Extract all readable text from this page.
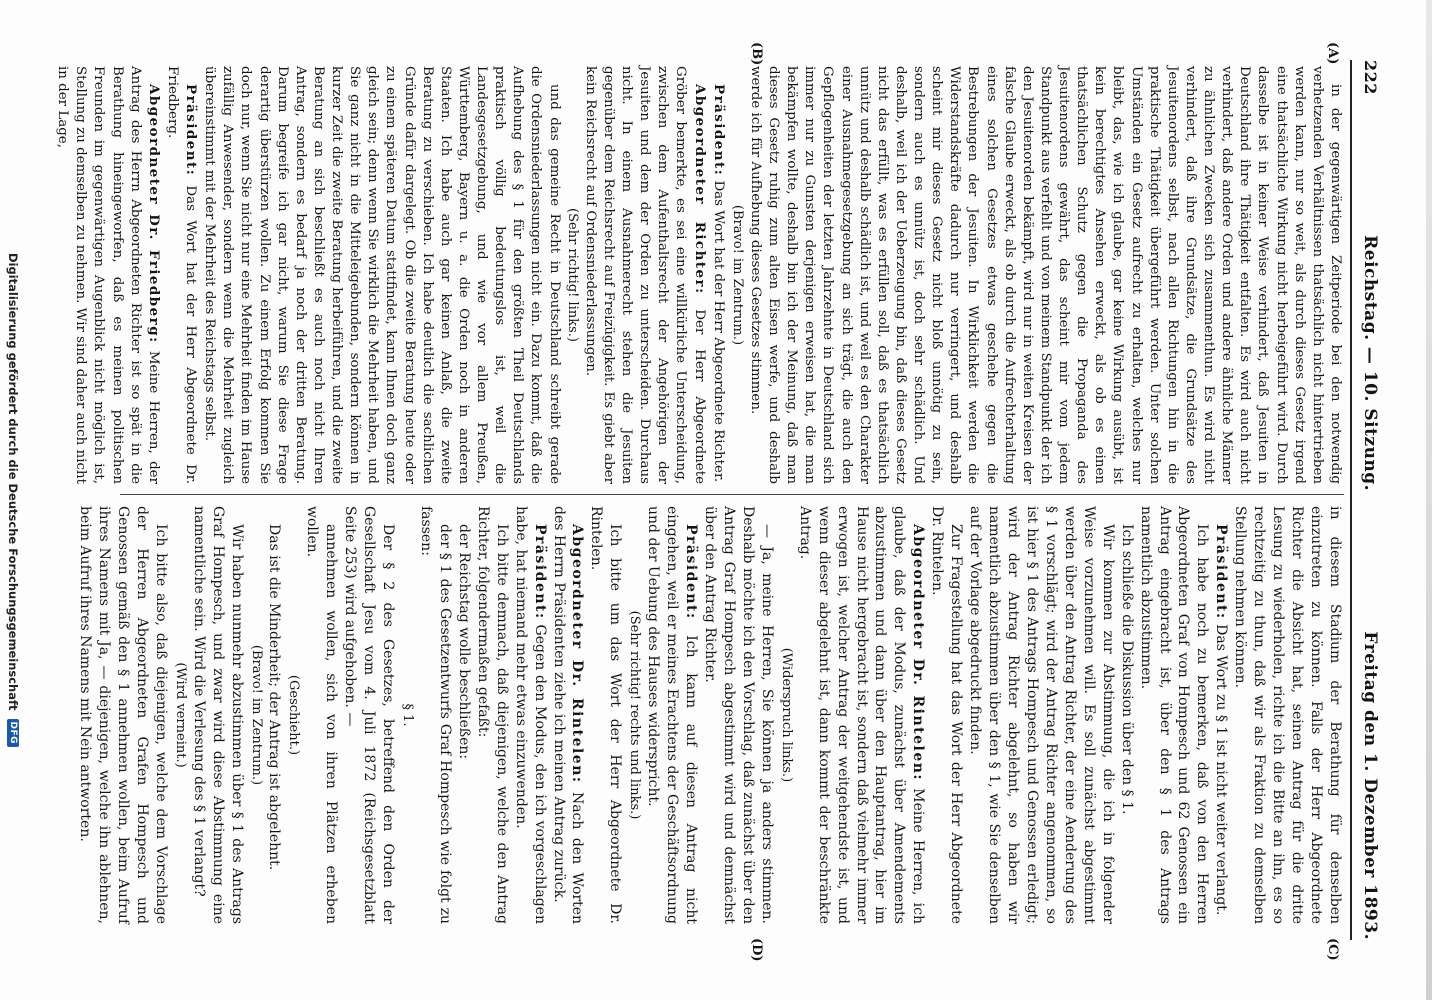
222
Reichstag. — 10. Sitzung.
Freitag den 1. Dezember 1893.
(A)
(B)
(C)
(D)

in der gegenwärtigen Zeitperiode bei den notwendig verhetzenden Verhältnissen thatsächlich nicht hintertrieben werden kann, nur so weit, als durch dieses Gesetz irgend eine thatsächliche Wirkung nicht herbeigeführt wird. Durch dasselbe ist in keiner Weise verhindert, daß Jesuiten in Deutschland ihre Thätigkeit entfalten. Es wird auch nicht verhindert, daß andere Orden und andere ähnliche Männer zu ähnlichen Zwecken sich zusammenthun. Es wird nicht verhindert, daß ihre Grundsätze, die Grundsätze des Jesuitenordens selbst, nach allen Richtungen hin in die praktische Thätigkeit übergeführt werden. Unter solchen Umständen ein Gesetz aufrecht zu erhalten, welches nur bleibt, das, wie ich glaube, gar keine Wirkung ausübt, ist kein berechtigtes Ansehen erweckt, als ob es einen thatsächlichen Schutz gegen die Propaganda des Jesuitenordens gewährt, das scheint mir vom jedem Standpunkt aus verfehlt und von meinem Standpunkt der ich den Jesuitenorden bekämpft, wird nur in weiten Kreisen der falsche Glaube erweckt, als ob durch die Aufrechterhaltung eines solchen Gesetzes etwas geschehe gegen die Bestrebungen der Jesuiten. In Wirklichkeit werden die Widerstandskräfte dadurch nur verringert, und deshalb scheint mir dieses Gesetz nicht bloß unnötig zu sein, sondern auch es unnütz ist, doch sehr schädlich. Und deshalb, weil ich der Ueberzeugung bin, daß dieses Gesetz nicht das erfüllt, was es erfüllen soll, daß es thatsächlich unnütz und deshalb schädlich ist, und weil es den Charakter einer Ausnahmegesetzgebung an sich trägt, die auch den Gepflogenheiten der letzten Jahrzehnte in Deutschland sich immer nur zu Gunsten derjenigen erweisen hat, die man bekämpfen wollte, deshalb bin ich der Meinung, daß man dieses Gesetz ruhig zum alten Eisen werfe, und deshalb werde ich für Aufhebung dieses Gesetzes stimmen.

(Bravo! im Zentrum.)

Präsident: Das Wort hat der Herr Abgeordnete Richter.

Abgeordneter Richter: Der Herr Abgeordnete Gröber bemerkte, es sei eine willkürliche Unterscheidung, zwischen dem Aufenthaltsrecht der Angehörigen der Jesuiten und dem der Orden zu unterscheiden. Durchaus nicht. In einem Ausnahmerecht stehen die Jesuiten gegenüber dem Reichsrecht auf Freizügigkeit. Es giebt aber kein Reichsrecht auf Ordensniederlassungen.

(Sehr richtig! links.)

und das gemeine Recht in Deutschland schreibt gerade die Ordensniederlassungen nicht ein. Dazu kommt, daß die Aufhebung des § 1 für den größten Theil Deutschlands praktisch völlig bedeutungslos ist, weil die Landesgesetzgebung, und wie vor allem Preußen, Württemberg, Bayern u. a. die Orden noch in anderen Staaten. Ich habe auch gar keinen Anlaß, die zweite Beratung zu verschieben. Ich habe deutlich die sachlichen Gründe dafür dargelegt. Ob die zweite Beratung heute oder zu einem späteren Datum stattfindet, kann Ihnen doch ganz gleich sein; denn wenn Sie wirklich die Mehrheit haben, und Sie ganz nicht in die Mitteleigebunden, sondern können in kurzer Zeit die zweite Beratung herbeiführen, und die zweite Beratung an sich beschließt es auch noch nicht Ihren Antrag, sondern es bedarf ja noch der dritten Beratung. Darum begreife ich gar nicht, warum Sie diese Frage derartig überstürzen wollen. Zu einem Erfolg kommen Sie doch nur, wenn Sie nicht nur eine Mehrheit finden im Hause zufällig Anwesender, sondern wenn die Mehrheit zugleich übereinstimmt mit der Mehrheit des Reichstags selbst.

Präsident: Das Wort hat der Herr Abgeordnete Dr. Friedberg.

Abgeordneter Dr. Friedberg: Meine Herren, der Antrag des Herrn Abgeordneten Richter ist so spät in die Berathung hineingeworfen, daß es meinen politischen Freunden im gegenwärtigen Augenblick nicht möglich ist, Stellung zu demselben zu nehmen. Wir sind daher auch nicht in der Lage,

in diesem Stadium der Berathung für denselben einzutreten zu können. Falls der Herr Abgeordnete Richter die Absicht hat, seinen Antrag für die dritte Lesung zu wiederholen, richte ich die Bitte an ihn, es so rechtzeitig zu thun, daß wir als Fraktion zu demselben Stellung nehmen können.

Präsident: Das Wort zu § 1 ist nicht weiter verlangt.

Ich habe noch zu bemerken, daß von den Herren Abgeordneten Graf von Hompesch und 62 Genossen ein Antrag eingebracht ist, über den § 1 des Antrags namentlich abzustimmen.

Ich schließe die Diskussion über den § 1.

Wir kommen zur Abstimmung, die ich in folgender Weise vorzunehmen will. Es soll zunächst abgestimmt werden über den Antrag Richter, der eine Aenderung des § 1 vorschlägt; wird der Antrag Richter angenommen, so ist hier § 1 des Antrags Hompesch und Genossen erledigt; wird der Antrag Richter abgelehnt, so haben wir namentlich abzustimmen über den § 1, wie Sie denselben auf der Vorlage abgedruckt finden.

Zur Fragestellung hat das Wort der Herr Abgeordnete Dr. Rintelen.

Abgeordneter Dr. Rintelen: Meine Herren, ich glaube, daß der Modus, zunächst über Amendements abzustimmen und dann über den Hauptantrag, hier im Hause nicht hergebracht ist, sondern daß vielmehr immer erwogen ist, welcher Antrag der weitgehendste ist, und wenn dieser abgelehnt ist, dann kommt der beschränkte Antrag.

(Widerspruch links.)

— Ja, meine Herren, Sie können ja anders stimmen. Deshalb möchte ich den Vorschlag, daß zunächst über den Antrag Graf Hompesch abgestimmt wird und demnächst über den Antrag Richter.

Präsident: Ich kann auf diesen Antrag nicht eingehen, weil er meines Erachtens der Geschäftsordnung und der Uebung des Hauses widerspricht.

(Sehr richtig! rechts und links.)

Ich bitte um das Wort der Herr Abgeordnete Dr. Rintelen.

Abgeordneter Dr. Rintelen: Nach den Worten des Herrn Präsidenten ziehe ich meinen Antrag zurück.

Präsident: Gegen den Modus, den ich vorgeschlagen habe, hat niemand mehr etwas einzuwenden.

Ich bitte demnach, daß diejenigen, welche den Antrag Richter, folgendermaßen gefaßt:

der Reichstag wolle beschließen:

der § 1 des Gesetzentwurfs Graf Hompesch wie folgt zu fassen:

§ 1.

Der § 2 des Gesetzes, betreffend den Orden der Gesellschaft Jesu vom 4. Juli 1872 (Reichsgesetzblatt Seite 253) wird aufgehoben. —

annehmen wollen, sich von ihren Plätzen erheben wollen.

(Geschieht.)

Das ist die Minderheit; der Antrag ist abgelehnt.

(Bravo! im Zentrum.)

Wir haben nunmehr abzustimmen über § 1 des Antrags Graf Hompesch, und zwar wird diese Abstimmung eine namentliche sein. Wird die Verlesung des § 1 verlangt?

(Wird verneint.)

Ich bitte also, daß diejenigen, welche dem Vorschlage der Herren Abgeordneten Grafen Hompesch und Genossen gemäß den § 1 annehmen wollen, beim Aufruf ihres Namens mit Ja, — diejenigen, welche ihn ablehnen, beim Aufruf ihres Namens mit Nein antworten.

Digitalisierung gefördert durch die Deutsche Forschungsgemeinschaft
DFG
